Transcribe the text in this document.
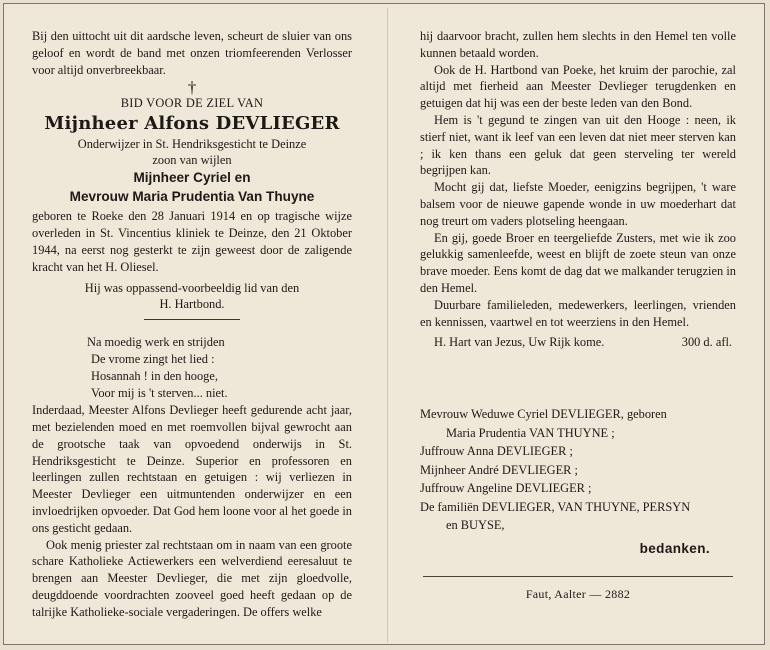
Bij den uittocht uit dit aardsche leven, scheurt de sluier van ons geloof en wordt de band met onzen triomfeerenden Verlosser voor altijd onverbreekbaar.

†
BID VOOR DE ZIEL VAN
Mijnheer Alfons DEVLIEGER
Onderwijzer in St. Hendriksgesticht te Deinze
zoon van wijlen
Mijnheer Cyriel en
Mevrouw Maria Prudentia Van Thuyne

geboren te Roeke den 28 Januari 1914 en op tragische wijze overleden in St. Vincentius kliniek te Deinze, den 21 Oktober 1944, na eerst nog gesterkt te zijn geweest door de zaligende kracht van het H. Oliesel.

Hij was oppassend-voorbeeldig lid van den H. Hartbond.

Na moedig werk en strijden
De vrome zingt het lied :
Hosannah ! in den hooge,
Voor mij is 't sterven... niet.

Inderdaad, Meester Alfons Devlieger heeft gedurende acht jaar, met bezielenden moed en met roemvollen bijval gewrocht aan de grootsche taak van opvoedend onderwijs in St. Hendriksgesticht te Deinze. Superior en professoren en leerlingen zullen rechtstaan en getuigen : wij verliezen in Meester Devlieger een uitmuntenden onderwijzer en een invloedrijken opvoeder. Dat God hem loone voor al het goede in ons gesticht gedaan.

Ook menig priester zal rechtstaan om in naam van een groote schare Katholieke Actiewerkers een welverdiend eeresaluut te brengen aan Meester Devlieger, die met zijn gloedvolle, deugddoende voordrachten zooveel goed heeft gedaan op de talrijke Katholieke-sociale vergaderingen. De offers welke

hij daarvoor bracht, zullen hem slechts in den Hemel ten volle kunnen betaald worden.

Ook de H. Hartbond van Poeke, het kruim der parochie, zal altijd met fierheid aan Meester Devlieger terugdenken en getuigen dat hij was een der beste leden van den Bond.

Hem is 't gegund te zingen van uit den Hooge : neen, ik stierf niet, want ik leef van een leven dat niet meer sterven kan ; ik ken thans een geluk dat geen sterveling ter wereld begrijpen kan.

Mocht gij dat, liefste Moeder, eenigzins begrijpen, 't ware balsem voor de nieuwe gapende wonde in uw moederhart dat nog treurt om vaders plotseling heengaan.

En gij, goede Broer en teergeliefde Zusters, met wie ik zoo gelukkig samenleefde, weest en blijft de zoete steun van onze brave moeder. Eens komt de dag dat we malkander terugzien in den Hemel.

Duurbare familieleden, medewerkers, leerlingen, vrienden en kennissen, vaartwel en tot weerziens in den Hemel.

H. Hart van Jezus, Uw Rijk kome.	300 d. afl.
Mevrouw Weduwe Cyriel DEVLIEGER, geboren
Maria Prudentia VAN THUYNE ;
Juffrouw Anna DEVLIEGER ;
Mijnheer André DEVLIEGER ;
Juffrouw Angeline DEVLIEGER ;
De familiën DEVLIEGER, VAN THUYNE, PERSYN
en BUYSE,
bedanken.
Faut, Aalter — 2882
